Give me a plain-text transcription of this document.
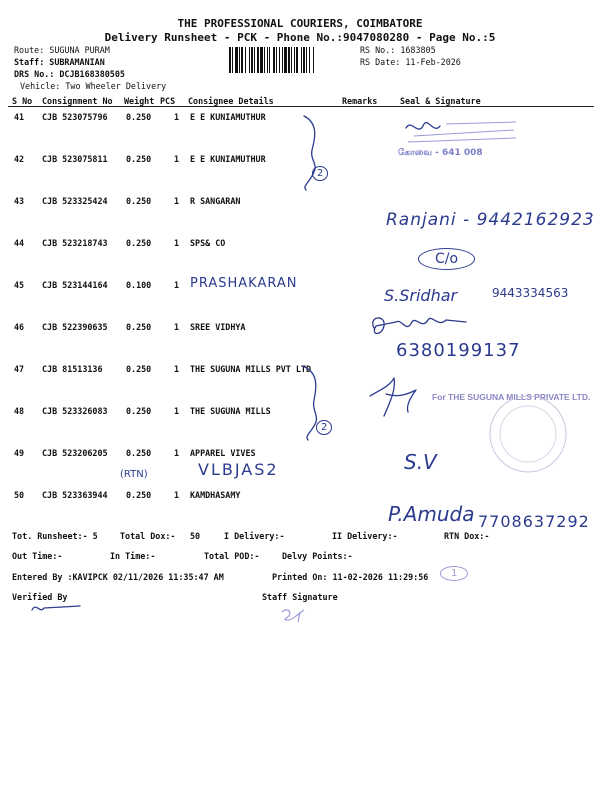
THE PROFESSIONAL COURIERS, COIMBATORE
Delivery Runsheet - PCK - Phone No.:9047080280 - Page No.:5
Route: SUGUNA PURAM
Staff: SUBRAMANIAN
DRS No.: DCJB168380505
Vehicle: Two Wheeler Delivery
RS No.: 1683805
RS Date: 11-Feb-2026
S No Consignment No Weight PCS Consignee Details	Remarks	Seal & Signature
41 CJB 523075796 0.250	1 E E KUNIAMUTHUR
42 CJB 523075811 0.250	1 E E KUNIAMUTHUR
43 CJB 523325424 0.250	1 R SANGARAN
44 CJB 523218743 0.250	1 SPS& CO
45 CJB 523144164 0.100	1
46 CJB 522390635 0.250	1 SREE VIDHYA
47 CJB 81513136	0.250	1 THE SUGUNA MILLS PVT LTD
48 CJB 523326083 0.250	1 THE SUGUNA MILLS
49 CJB 523206205 0.250	1 APPAREL VIVES
50 CJB 523363944 0.250	1 KAMDHASAMY
2
2
PRASHAKARAN
(RTN)	VLBJAS2
கோவை - 641 008
Ranjani - 9442162923
C/o
S.Sridhar	9443334563
6380199137
For THE SUGUNA MILLS PRIVATE LTD.
S.V
P.Amuda 7708637292
Tot. Runsheet:- 5	Total Dox:- 50	I Delivery:-	II Delivery:-	RTN Dox:-
Out Time:-	In Time:-	Total POD:-	Delvy Points:-
Entered By :KAVIPCK 02/11/2026 11:35:47 AM	Printed On: 11-02-2026 11:29:56	1
Verified By	Staff Signature
